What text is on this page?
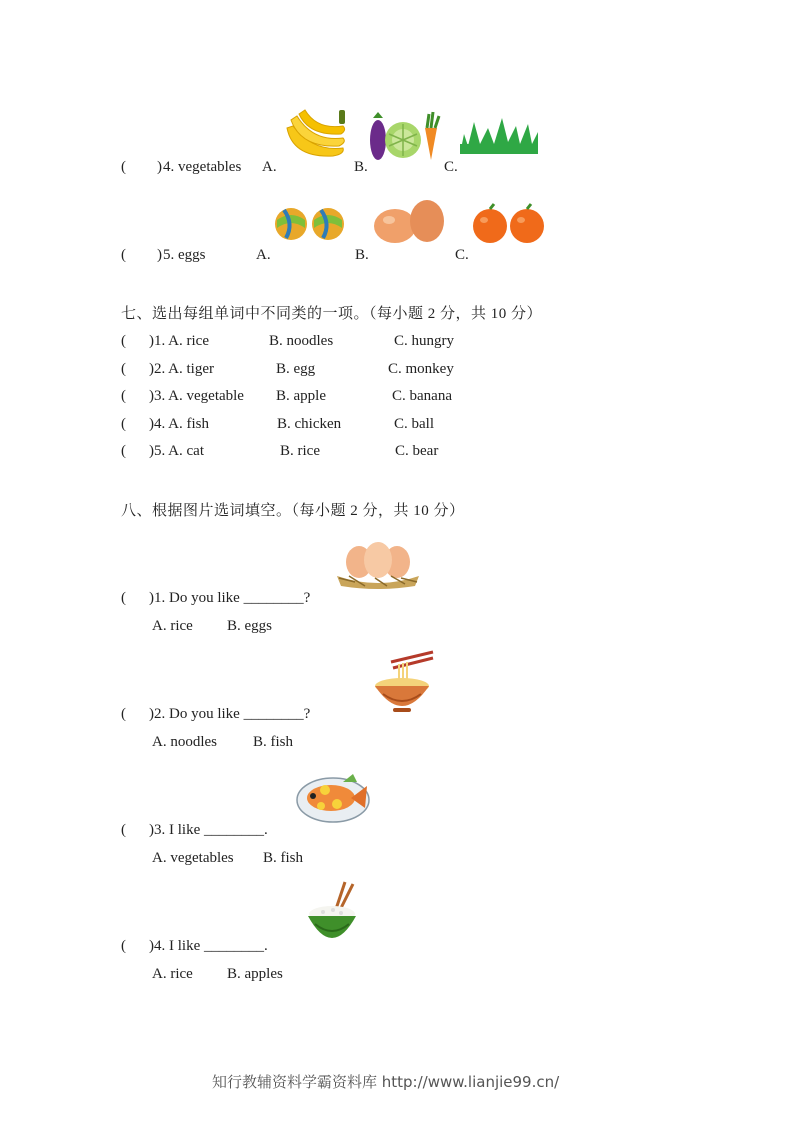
( ) 4. vegetables A.	B.	C.
( ) 5. eggs	A.	B.	C.
七、选出每组单词中不同类的一项。（每小题 2 分，共 10 分）
( )1. A. rice	B. noodles	C. hungry
( )2. A. tiger	B. egg	C. monkey
( )3. A. vegetable B. apple	C. banana
( )4. A. fish	B. chicken	C. ball
( )5. A. cat	B. rice	C. bear
八、根据图片选词填空。（每小题 2 分，共 10 分）
( )1. Do you like ________?
A. rice B. eggs
( )2. Do you like ________?
A. noodles B. fish
( )3. I like ________.
A. vegetables B. fish
( )4. I like ________.
A. rice B. apples
知行教辅资料学霸资料库 http://www.lianjie99.cn/
